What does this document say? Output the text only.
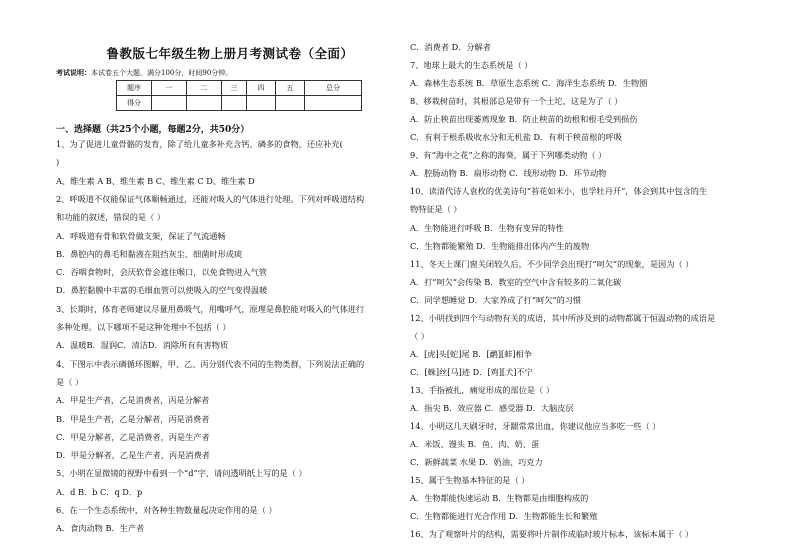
鲁教版七年级生物上册月考测试卷（全面）
考试说明：本试卷五个大题，满分100分，时间90分钟。
题序	一	二	三	四	五	总分
得分						
一、选择题（共25个小题，每题2分，共50分）
1、为了促进儿童骨骼的发育，除了给儿童多补充含钙、磷多的食物，还应补充(
)
A、维生素 A B、维生素 B C、维生素 C D、维生素 D
2、呼吸道不仅能保证气体顺畅通过，还能对吸入的气体进行处理。下列对呼吸道结构
和功能的叙述，错误的是（ ）
A．呼吸道有骨和软骨做支架，保证了气流通畅
B．鼻腔内的鼻毛和黏液在阻挡灰尘、细菌时形成痰
C．吞咽食物时，会厌软骨会遮住喉口，以免食物进入气管
D．鼻腔黏膜中丰富的毛细血管可以使吸入的空气变得温暖
3、长期时，体育老师建议尽量用鼻吸气，用嘴呼气，原理是鼻腔能对吸入的气体进行
多种处理。以下哪项不是这种处理中不包括（ ）
A．温暖B．湿润C．清洁D．消除所有有害物质
4、下图示中表示磷循环图解，甲、乙、丙分别代表不同的生物类群，下列说法正确的
是（ ）
A．甲是生产者，乙是消费者，丙是分解者
B．甲是生产者，乙是分解者，丙是消费者
C．甲是分解者，乙是消费者，丙是生产者
D．甲是分解者，乙是生产者，丙是消费者
5、小明在显微镜的视野中看到一个“d”字，请问透明纸上写的是（ ）
A．d B．b C．q D．p
6、在一个生态系统中，对各种生物数量起决定作用的是（ ）
A．食肉动物 B．生产者
C．消费者 D．分解者
7、地球上最大的生态系统是（ ）
A．森林生态系统 B．草原生态系统 C．海洋生态系统 D．生物圈
8、移栽树苗时，其根部总是带有一个土坨，这是为了（ ）
A．防止秧苗出现萎蔫现象 B．防止秧苗的幼根和根毛受到损伤
C．有利于根系吸收水分和无机盐 D．有利于秧苗根的呼吸
9、有“海中之花”之称的海葵，属于下列哪类动物（ ）
A．腔肠动物 B．扁形动物 C．线形动物 D．环节动物
10、读清代诗人袁枚的优美诗句“苔花如米小，也学牡丹开”，体会到其中包含的生
物特征是（ ）
A．生物能进行呼吸 B．生物有变异的特性
C．生物都能繁殖 D．生物能排出体内产生的废物
11、冬天上课门窗关闭较久后，不少同学会出现打“呵欠”的现象，是因为（ ）
A．打“呵欠”会传染 B．教室的空气中含有较多的二氧化碳
C．同学想睡觉 D．大家养成了打“呵欠”的习惯
12、小明找到四个与动物有关的成语，其中所涉及到的动物都属于恒温动物的成语是
（ ）
A．[虎]头[蛇]尾 B．[鹬][蚌]相争
C．[蛛]丝[马]迹 D．[鸡][犬]不宁
13、手指被扎，痛觉形成的部位是（ ）
A．指尖 B．效应器 C．感受器 D．大脑皮层
14、小明这几天刷牙时，牙龈常常出血，你建议他应当多吃一些（ ）
A．米饭、馒头 B．鱼、肉、奶、蛋
C．新鲜蔬菜 水果 D．奶油、巧克力
15、属于生物基本特征的是（ ）
A．生物都能快速运动 B．生物都是由细胞构成的
C．生物都能进行光合作用 D．生物都能生长和繁殖
16、为了观察叶片的结构，需要将叶片制作成临时玻片标本，该标本属于（ ）
